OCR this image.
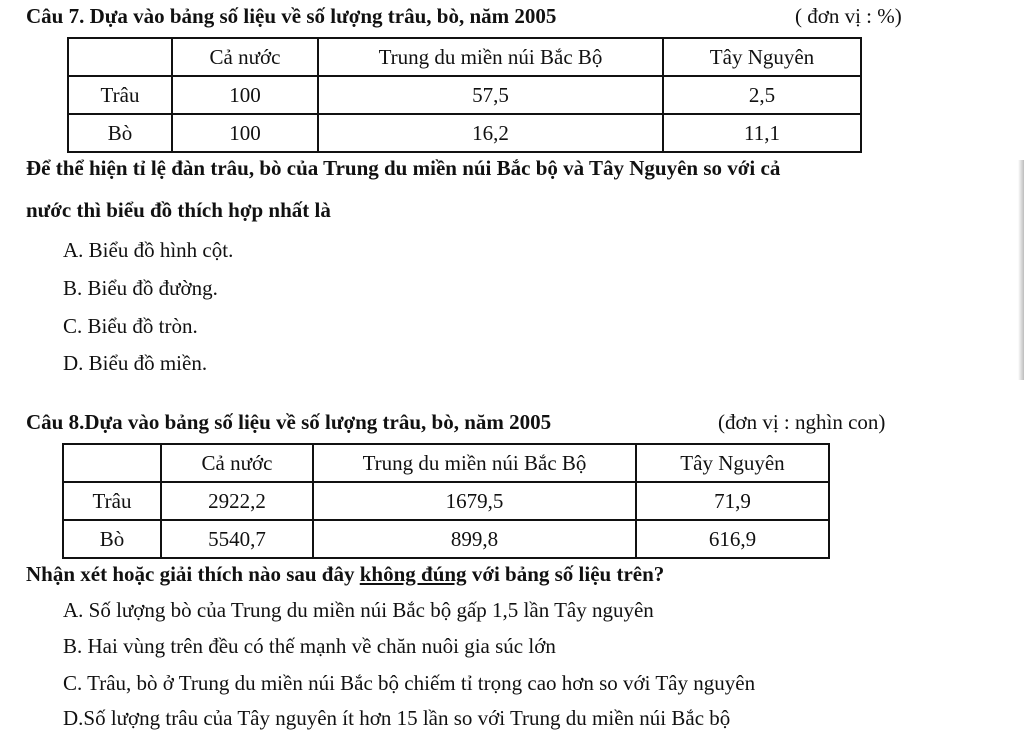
Câu 7. Dựa vào bảng số liệu về số lượng trâu, bò, năm 2005	( đơn vị : %)
	Cả nước	Trung du miền núi Bắc Bộ	Tây Nguyên
Trâu	100	57,5	2,5
Bò	100	16,2	11,1
Để thể hiện tỉ lệ đàn trâu, bò của Trung du miền núi Bắc bộ và Tây Nguyên so với cả
nước thì biểu đồ thích hợp nhất là
A. Biểu đồ hình cột.
B. Biểu đồ đường.
C. Biểu đồ tròn.
D. Biểu đồ miền.
Câu 8.Dựa vào bảng số liệu về số lượng trâu, bò, năm 2005	(đơn vị : nghìn con)
	Cả nước	Trung du miền núi Bắc Bộ	Tây Nguyên
Trâu	2922,2	1679,5	71,9
Bò	5540,7	899,8	616,9
Nhận xét hoặc giải thích nào sau đây không đúng với bảng số liệu trên?
A. Số lượng bò của Trung du miền núi Bắc bộ gấp 1,5 lần Tây nguyên
B. Hai vùng trên đều có thế mạnh về chăn nuôi gia súc lớn
C. Trâu, bò ở Trung du miền núi Bắc bộ chiếm tỉ trọng cao hơn so với Tây nguyên
D.Số lượng trâu của Tây nguyên ít hơn 15 lần so với Trung du miền núi Bắc bộ
